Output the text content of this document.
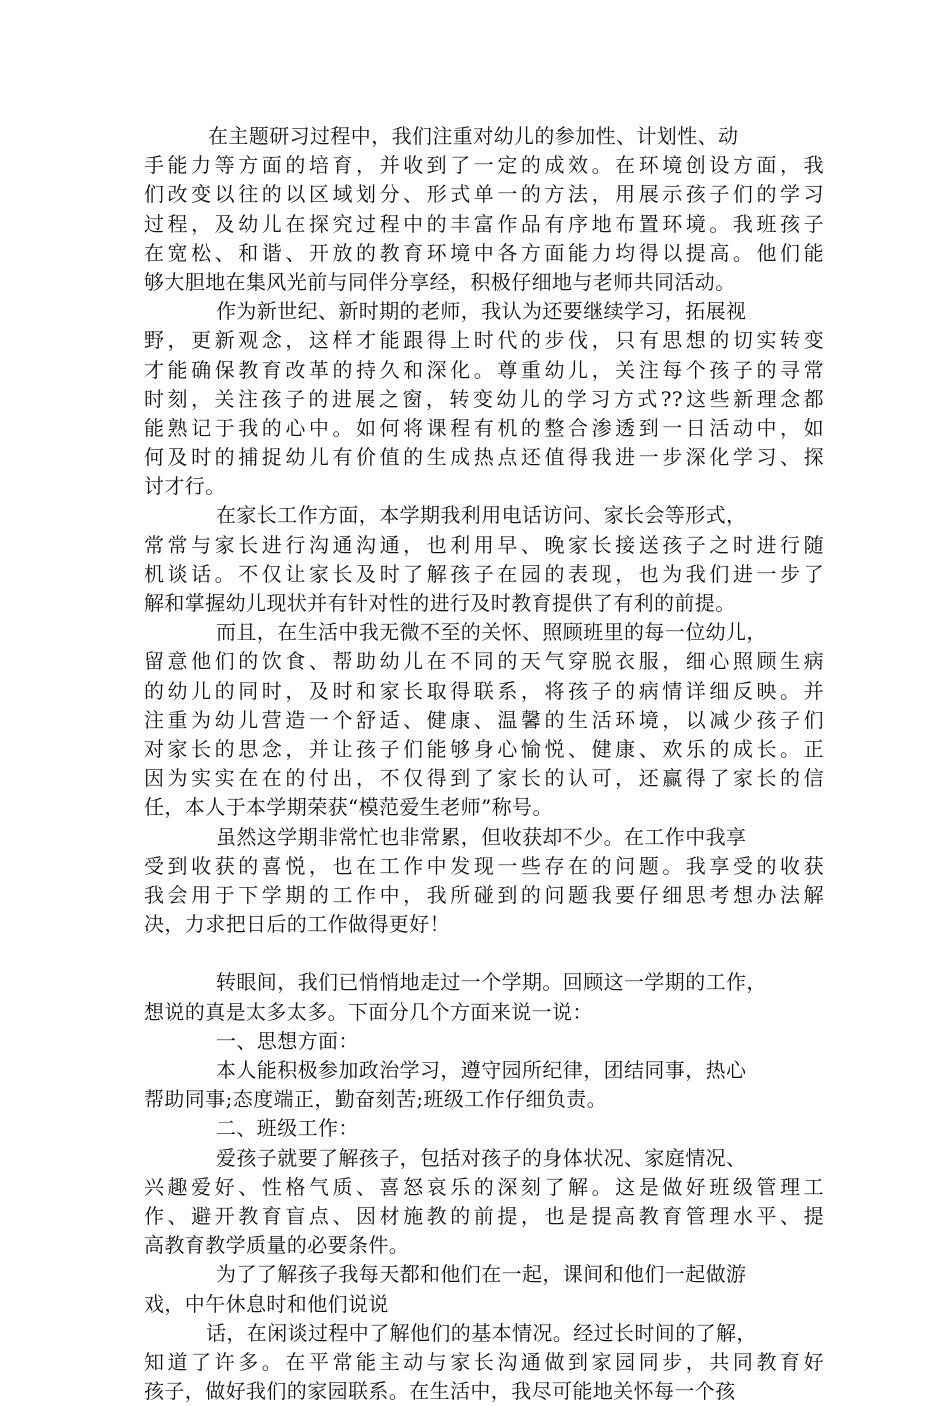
在主题研习过程中，我们注重对幼儿的参加性、计划性、动
手能力等方面的培育，并收到了一定的成效。在环境创设方面，我
们改变以往的以区域划分、形式单一的方法，用展示孩子们的学习
过程，及幼儿在探究过程中的丰富作品有序地布置环境。我班孩子
在宽松、和谐、开放的教育环境中各方面能力均得以提高。他们能
够大胆地在集风光前与同伴分享经，积极仔细地与老师共同活动。
作为新世纪、新时期的老师，我认为还要继续学习，拓展视
野，更新观念，这样才能跟得上时代的步伐，只有思想的切实转变
才能确保教育改革的持久和深化。尊重幼儿，关注每个孩子的寻常
时刻，关注孩子的进展之窗，转变幼儿的学习方式??这些新理念都
能熟记于我的心中。如何将课程有机的整合渗透到一日活动中，如
何及时的捕捉幼儿有价值的生成热点还值得我进一步深化学习、探
讨才行。
在家长工作方面，本学期我利用电话访问、家长会等形式，
常常与家长进行沟通沟通，也利用早、晚家长接送孩子之时进行随
机谈话。不仅让家长及时了解孩子在园的表现，也为我们进一步了
解和掌握幼儿现状并有针对性的进行及时教育提供了有利的前提。
而且，在生活中我无微不至的关怀、照顾班里的每一位幼儿，
留意他们的饮食、帮助幼儿在不同的天气穿脱衣服，细心照顾生病
的幼儿的同时，及时和家长取得联系，将孩子的病情详细反映。并
注重为幼儿营造一个舒适、健康、温馨的生活环境，以减少孩子们
对家长的思念，并让孩子们能够身心愉悦、健康、欢乐的成长。正
因为实实在在的付出，不仅得到了家长的认可，还赢得了家长的信
任，本人于本学期荣获“模范爱生老师”称号。
虽然这学期非常忙也非常累，但收获却不少。在工作中我享
受到收获的喜悦，也在工作中发现一些存在的问题。我享受的收获
我会用于下学期的工作中，我所碰到的问题我要仔细思考想办法解
决，力求把日后的工作做得更好！
转眼间，我们已悄悄地走过一个学期。回顾这一学期的工作，
想说的真是太多太多。下面分几个方面来说一说：
一、思想方面：
本人能积极参加政治学习，遵守园所纪律，团结同事，热心
帮助同事;态度端正，勤奋刻苦;班级工作仔细负责。
二、班级工作：
爱孩子就要了解孩子，包括对孩子的身体状况、家庭情况、
兴趣爱好、性格气质、喜怒哀乐的深刻了解。这是做好班级管理工
作、避开教育盲点、因材施教的前提，也是提高教育管理水平、提
高教育教学质量的必要条件。
为了了解孩子我每天都和他们在一起，课间和他们一起做游
戏，中午休息时和他们说说
话，在闲谈过程中了解他们的基本情况。经过长时间的了解，
知道了许多。在平常能主动与家长沟通做到家园同步，共同教育好
孩子，做好我们的家园联系。在生活中，我尽可能地关怀每一个孩
